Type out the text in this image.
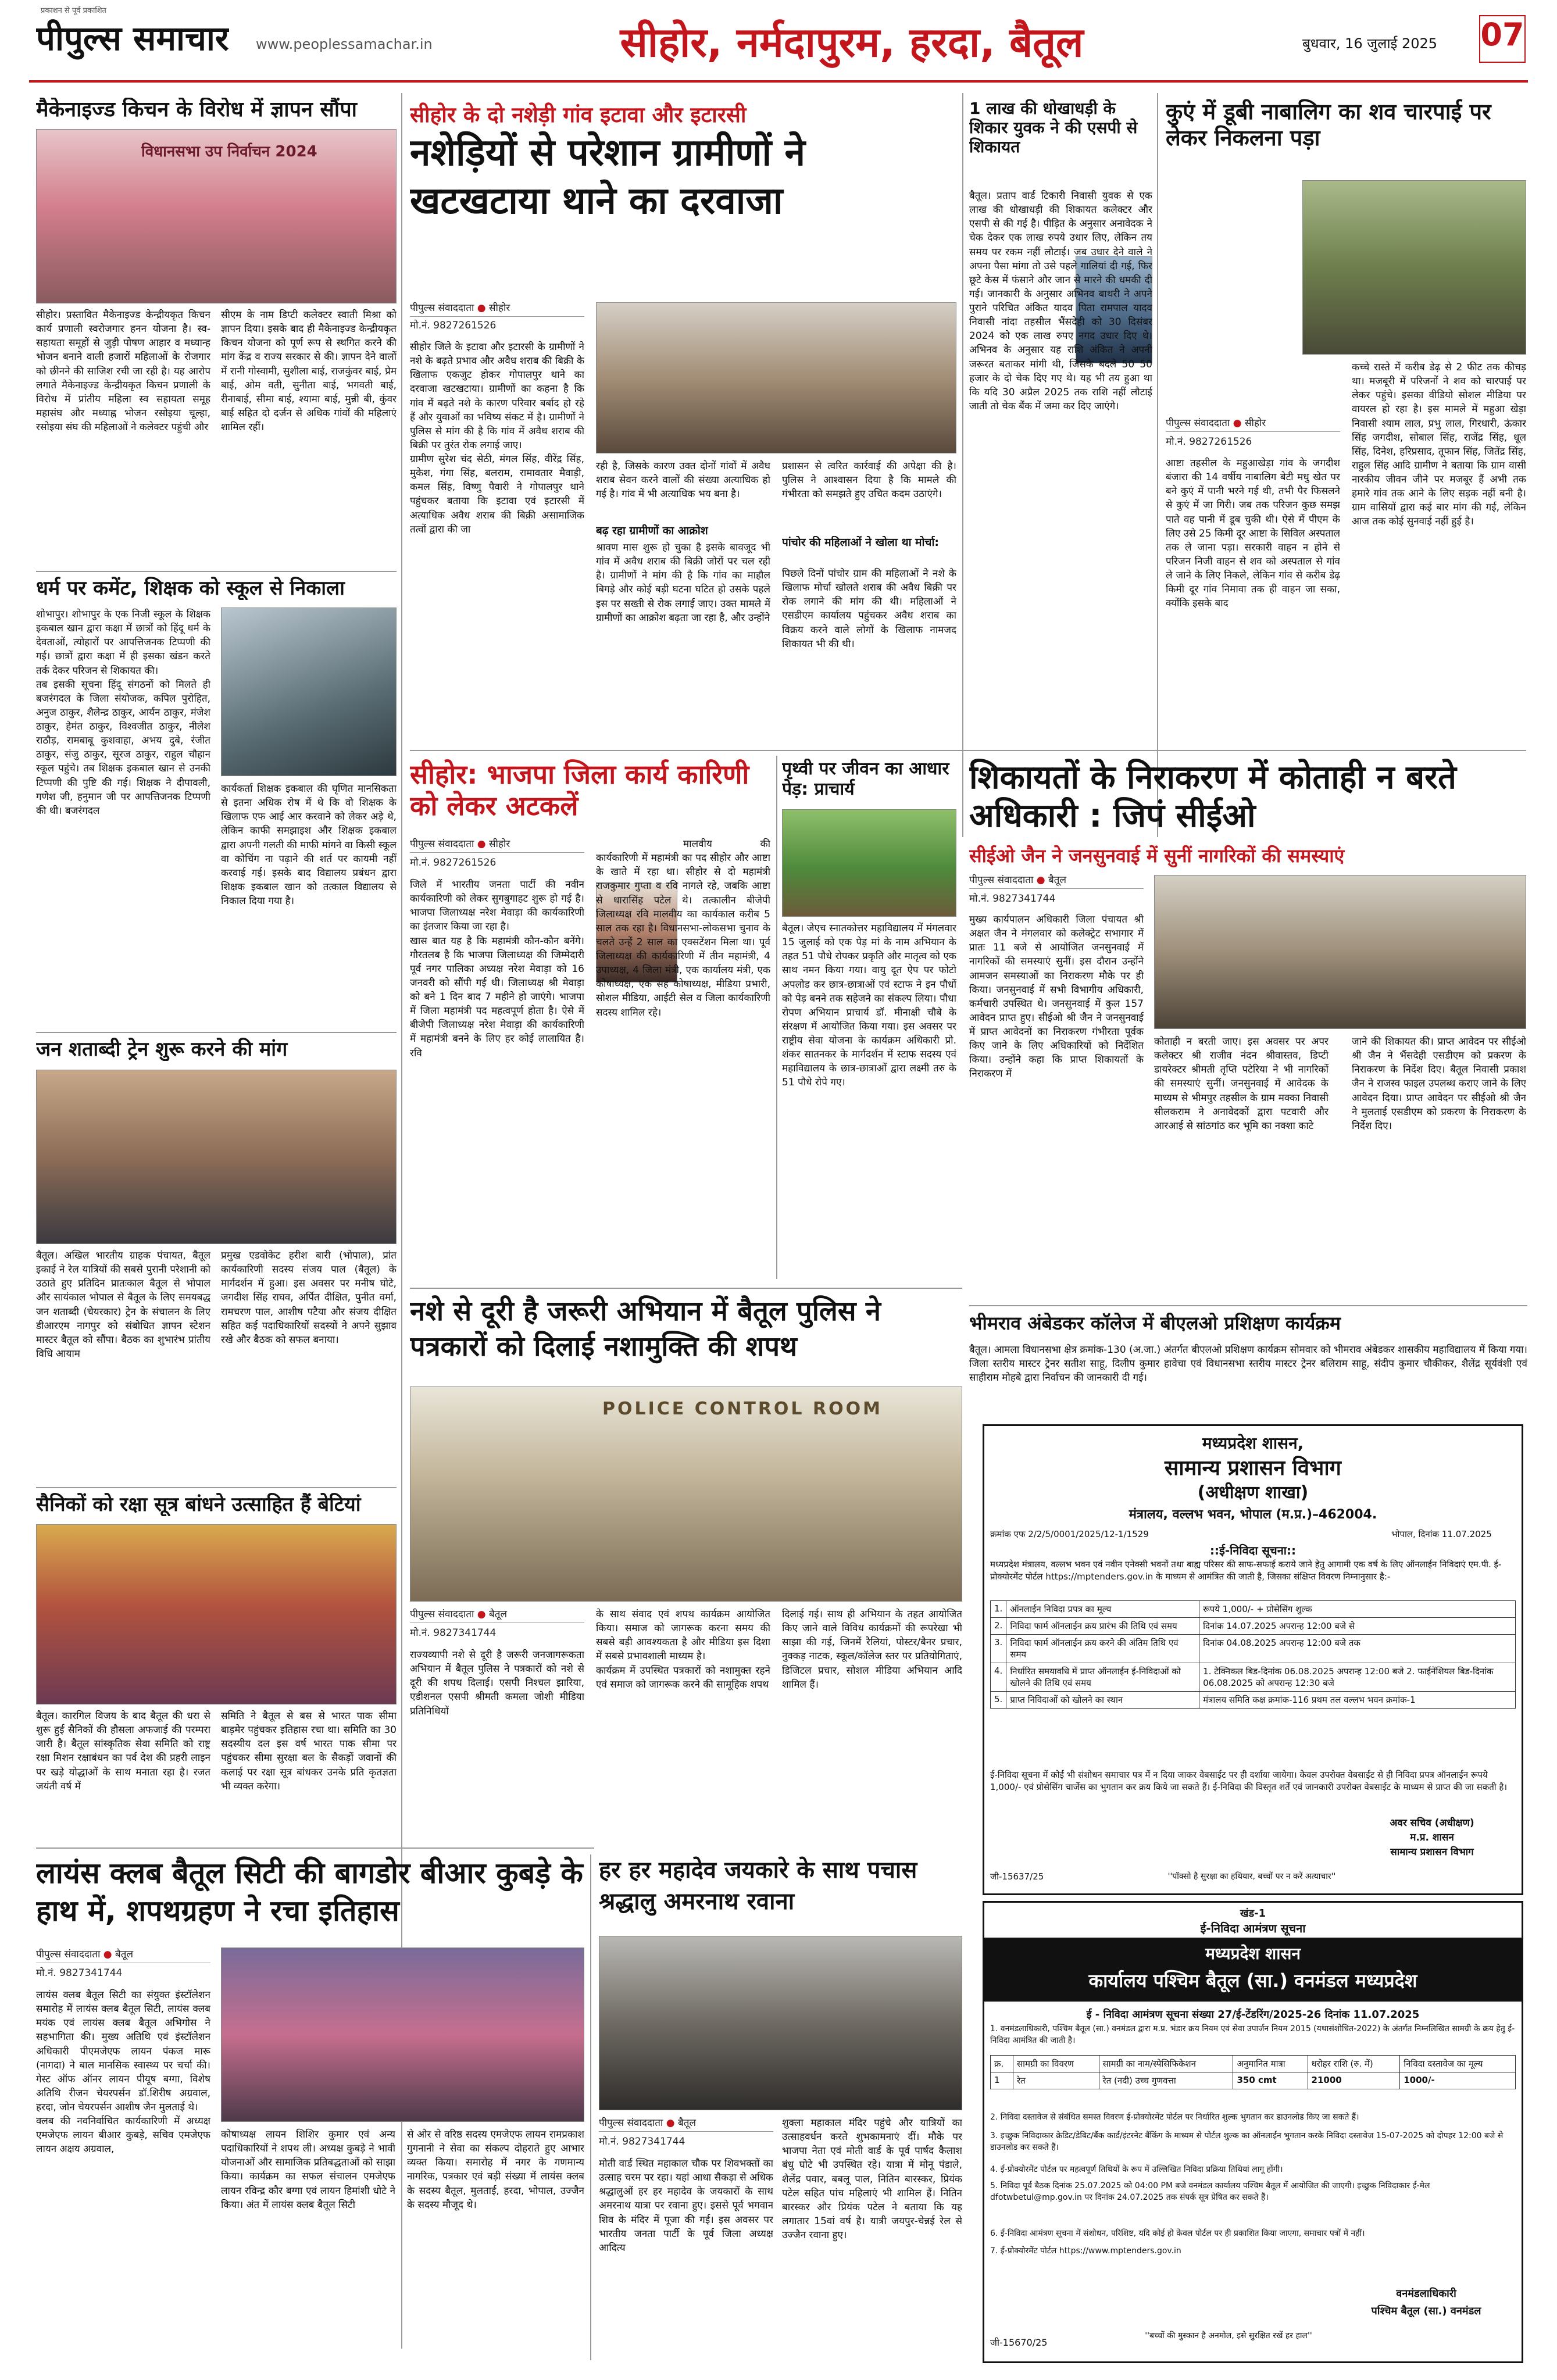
प्रकाशन से पूर्व प्रकाशित
पीपुल्स समाचार www.peoplessamachar.in	सीहोर, नर्मदापुरम, हरदा, बैतूल	बुधवार, 16 जुलाई 2025 07
मैकेनाइज्ड किचन के विरोध में ज्ञापन सौंपा
विधानसभा उप निर्वाचन 2024
सीहोर। प्रस्तावित मैकेनाइज्ड केन्द्रीयकृत किचन कार्य प्रणाली स्वरोजगार हनन योजना है। स्व-सहायता समूहों से जुड़ी पोषण आहार व मध्यान्ह भोजन बनाने वाली हजारों महिलाओं के रोजगार को छीनने की साजिश रची जा रही है। यह आरोप लगाते मैकेनाइज्ड केन्द्रीयकृत किचन प्रणाली के विरोध में प्रांतीय महिला स्व सहायता समूह महासंघ और मध्याह्न भोजन रसोइया चूल्हा, रसोइया संघ की महिलाओं ने कलेक्टर पहुंची और
सीएम के नाम डिप्टी कलेक्टर स्वाती मिश्रा को ज्ञापन दिया। इसके बाद ही मैकेनाइज्ड केन्द्रीयकृत किचन योजना को पूर्ण रूप से स्थगित करने की मांग केंद्र व राज्य सरकार से की। ज्ञापन देने वालों में रानी गोस्वामी, सुशीला बाई, राजकुंवर बाई, प्रेम बाई, ओम वती, सुनीता बाई, भगवती बाई, रीनाबाई, सीमा बाई, श्यामा बाई, मुन्नी बी, कुंवर बाई सहित दो दर्जन से अधिक गांवों की महिलाएं शामिल रहीं।
धर्म पर कमेंट, शिक्षक को स्कूल से निकाला
शोभापुर। शोभापुर के एक निजी स्कूल के शिक्षक इकबाल खान द्वारा कक्षा में छात्रों को हिंदू धर्म के देवताओं, त्योहारों पर आपत्तिजनक टिप्पणी की गई। छात्रों द्वारा कक्षा में ही इसका खंडन करते तर्क देकर परिजन से शिकायत की।
तब इसकी सूचना हिंदू संगठनों को मिलते ही बजरंगदल के जिला संयोजक, कपिल पुरोहित, अनुज ठाकुर, शैलेन्द्र ठाकुर, आर्यन ठाकुर, मंजेश ठाकुर, हेमंत ठाकुर, विश्वजीत ठाकुर, नीलेश राठौड़, रामबाबू कुशवाहा, अभय दुबे, रंजीत ठाकुर, संजु ठाकुर, सूरज ठाकुर, राहुल चौहान स्कूल पहुंचे। तब शिक्षक इकबाल खान से उनकी टिप्पणी की पुष्टि की गई। शिक्षक ने दीपावली, गणेश जी, हनुमान जी पर आपत्तिजनक टिप्पणी की थी। बजरंगदल
कार्यकर्ता शिक्षक इकबाल की घृणित मानसिकता से इतना अधिक रोष में थे कि वो शिक्षक के खिलाफ एफ आई आर करवाने को लेकर अड़े थे, लेकिन काफी समझाइश और शिक्षक इकबाल द्वारा अपनी गलती की माफी मांगने वा किसी स्कूल वा कोचिंग ना पढ़ाने की शर्त पर कायमी नहीं करवाई गई। इसके बाद विद्यालय प्रबंधन द्वारा शिक्षक इकबाल खान को तत्काल विद्यालय से निकाल दिया गया है।
जन शताब्दी ट्रेन शुरू करने की मांग
बैतूल। अखिल भारतीय ग्राहक पंचायत, बैतूल इकाई ने रेल यात्रियों की सबसे पुरानी परेशानी को उठाते हुए प्रतिदिन प्रातःकाल बैतूल से भोपाल और सायंकाल भोपाल से बैतूल के लिए समयबद्ध जन शताब्दी (चेयरकार) ट्रेन के संचालन के लिए डीआरएम नागपुर को संबोधित ज्ञापन स्टेशन मास्टर बैतूल को सौंपा। बैठक का शुभारंभ प्रांतीय विधि आयाम
प्रमुख एडवोकेट हरीश बारी (भोपाल), प्रांत कार्यकारिणी सदस्य संजय पाल (बैतूल) के मार्गदर्शन में हुआ। इस अवसर पर मनीष घोटे, जगदीश सिंह राघव, अर्पित दीक्षित, पुनीत वर्मा, रामचरण पाल, आशीष पटैया और संजय दीक्षित सहित कई पदाधिकारियों सदस्यों ने अपने सुझाव रखे और बैठक को सफल बनाया।
सैनिकों को रक्षा सूत्र बांधने उत्साहित हैं बेटियां
बैतूल। कारगिल विजय के बाद बैतूल की धरा से शुरू हुई सैनिकों की हौसला अफजाई की परम्परा जारी है। बैतूल सांस्कृतिक सेवा समिति को राष्ट्र रक्षा मिशन रक्षाबंधन का पर्व देश की प्रहरी लाइन पर खड़े योद्धाओं के साथ मनाता रहा है। रजत जयंती वर्ष में
समिति ने बैतूल से बस से भारत पाक सीमा बाड़मेर पहुंचकर इतिहास रचा था। समिति का 30 सदस्यीय दल इस वर्ष भारत पाक सीमा पर पहुंचकर सीमा सुरक्षा बल के सैकड़ों जवानों की कलाई पर रक्षा सूत्र बांधकर उनके प्रति कृतज्ञता भी व्यक्त करेगा।
सीहोर के दो नशेड़ी गांव इटावा और इटारसी
नशेड़ियों से परेशान ग्रामीणों ने खटखटाया थाने का दरवाजा
पीपुल्स संवाददाता ● सीहोर
मो.नं. 9827261526
सीहोर जिले के इटावा और इटारसी के ग्रामीणों ने नशे के बढ़ते प्रभाव और अवैध शराब की बिक्री के खिलाफ एकजुट होकर गोपालपुर थाने का दरवाजा खटखटाया। ग्रामीणों का कहना है कि गांव में बढ़ते नशे के कारण परिवार बर्बाद हो रहे हैं और युवाओं का भविष्य संकट में है। ग्रामीणों ने पुलिस से मांग की है कि गांव में अवैध शराब की बिक्री पर तुरंत रोक लगाई जाए।
ग्रामीण सुरेश चंद सेठी, मंगल सिंह, वीरेंद्र सिंह, मुकेश, गंगा सिंह, बलराम, रामावतार मैवाड़ी, कमल सिंह, विष्णु पैवारी ने गोपालपुर थाने पहुंचकर बताया कि इटावा एवं इटारसी में अत्याधिक अवैध शराब की बिक्री असामाजिक तत्वों द्वारा की जा
रही है, जिसके कारण उक्त दोनों गांवों में अवैध शराब सेवन करने वालों की संख्या अत्याधिक हो गई है। गांव में भी अत्याधिक भय बना है।
बढ़ रहा ग्रामीणों का आक्रोश
श्रावण मास शुरू हो चुका है इसके बावजूद भी गांव में अवैध शराब की बिक्री जोरों पर चल रही है। ग्रामीणों ने मांग की है कि गांव का माहौल बिगड़े और कोई बड़ी घटना घटित हो उसके पहले इस पर सख्ती से रोक लगाई जाए। उक्त मामले में ग्रामीणों का आक्रोश बढ़ता जा रहा है, और उन्होंने
प्रशासन से त्वरित कार्रवाई की अपेक्षा की है। पुलिस ने आश्वासन दिया है कि मामले की गंभीरता को समझते हुए उचित कदम उठाएंगे।
पांचोर की महिलाओं ने खोला था मोर्चा:
पिछले दिनों पांचोर ग्राम की महिलाओं ने नशे के खिलाफ मोर्चा खोलते शराब की अवैध बिक्री पर रोक लगाने की मांग की थी। महिलाओं ने एसडीएम कार्यालय पहुंचकर अवैध शराब का विक्रय करने वाले लोगों के खिलाफ नामजद शिकायत भी की थी।
1 लाख की धोखाधड़ी के शिकार युवक ने की एसपी से शिकायत
बैतूल। प्रताप वार्ड टिकारी निवासी युवक से एक लाख की धोखाधड़ी की शिकायत कलेक्टर और एसपी से की गई है। पीड़ित के अनुसार अनावेदक ने चेक देकर एक लाख रुपये उधार लिए, लेकिन तय समय पर रकम नहीं लौटाई। जब उधार देने वाले ने अपना पैसा मांगा तो उसे पहले गालियां दी गई, फिर छूटे केस में फंसाने और जान से मारने की धमकी दी गई। जानकारी के अनुसार अभिनव बाथरी ने अपने पुराने परिचित अंकित यादव पिता रामपाल यादव निवासी नांदा तहसील भैंसदेही को 30 दिसंबर 2024 को एक लाख रुपए नगद उधार दिए थे। अभिनव के अनुसार यह राशि अंकित ने अपनी जरूरत बताकर मांगी थी, जिसके बदले 50 50 हजार के दो चेक दिए गए थे। यह भी तय हुआ था कि यदि 30 अप्रैल 2025 तक राशि नहीं लौटाई जाती तो चेक बैंक में जमा कर दिए जाएंगे।
कुएं में डूबी नाबालिग का शव चारपाई पर लेकर निकलना पड़ा
पीपुल्स संवाददाता ● सीहोर
मो.नं. 9827261526
आष्टा तहसील के महुआखेड़ा गांव के जगदीश बंजारा की 14 वर्षीय नाबालिग बेटी मधु खेत पर बने कुएं में पानी भरने गई थी, तभी पैर फिसलने से कुएं में जा गिरी। जब तक परिजन कुछ समझ पाते वह पानी में डूब चुकी थी। ऐसे में पीएम के लिए उसे 25 किमी दूर आष्टा के सिविल अस्पताल तक ले जाना पड़ा। सरकारी वाहन न होने से परिजन निजी वाहन से शव को अस्पताल से गांव ले जाने के लिए निकले, लेकिन गांव से करीब डेढ़ किमी दूर गांव निमावा तक ही वाहन जा सका, क्योंकि इसके बाद
कच्चे रास्ते में करीब डेढ़ से 2 फीट तक कीचड़ था। मजबूरी में परिजनों ने शव को चारपाई पर लेकर पहुंचे। इसका वीडियो सोशल मीडिया पर वायरल हो रहा है। इस मामले में महुआ खेड़ा निवासी श्याम लाल, प्रभु लाल, गिरधारी, ऊंकार सिंह जगदीश, सोबाल सिंह, राजेंद्र सिंह, धूल सिंह, दिनेश, हरिप्रसाद, तूफान सिंह, जितेंद्र सिंह, राहुल सिंह आदि ग्रामीण ने बताया कि ग्राम वासी नारकीय जीवन जीने पर मजबूर हैं अभी तक हमारे गांव तक आने के लिए सड़क नहीं बनी है। ग्राम वासियों द्वारा कई बार मांग की गई, लेकिन आज तक कोई सुनवाई नहीं हुई है।
सीहोर: भाजपा जिला कार्य कारिणी को लेकर अटकलें
पीपुल्स संवाददाता ● सीहोर
मो.नं. 9827261526
जिले में भारतीय जनता पार्टी की नवीन कार्यकारिणी को लेकर सुगबुगाहट शुरू हो गई है। भाजपा जिलाध्यक्ष नरेश मेवाड़ा की कार्यकारिणी का इंतजार किया जा रहा है।
खास बात यह है कि महामंत्री कौन-कौन बनेंगे। गौरतलब है कि भाजपा जिलाध्यक्ष की जिम्मेदारी पूर्व नगर पालिका अध्यक्ष नरेश मेवाड़ा को 16 जनवरी को सौंपी गई थी। जिलाध्यक्ष श्री मेवाड़ा को बने 1 दिन बाद 7 महीने हो जाएंगे। भाजपा में जिला महामंत्री पद महत्वपूर्ण होता है। ऐसे में बीजेपी जिलाध्यक्ष नरेश मेवाड़ा की कार्यकारिणी में महामंत्री बनने के लिए हर कोई लालायित है। रवि
मालवीय की कार्यकारिणी में महामंत्री का पद सीहोर और आष्टा के खाते में रहा था। सीहोर से दो महामंत्री राजकुमार गुप्ता व रवि नागले रहे, जबकि आष्टा से धारासिंह पटेल थे। तत्कालीन बीजेपी जिलाध्यक्ष रवि मालवीय का कार्यकाल करीब 5 साल तक रहा है। विधानसभा-लोकसभा चुनाव के चलते उन्हें 2 साल का एक्सटेंशन मिला था। पूर्व जिलाध्यक्ष की कार्यकारिणी में तीन महामंत्री, 4 उपाध्यक्ष, 4 जिला मंत्री, एक कार्यालय मंत्री, एक कोषाध्यक्ष, एक सह कोषाध्यक्ष, मीडिया प्रभारी, सोशल मीडिया, आईटी सेल व जिला कार्यकारिणी सदस्य शामिल रहे।
पृथ्वी पर जीवन का आधार पेड़: प्राचार्य
बैतूल। जेएच स्नातकोत्तर महाविद्यालय में मंगलवार 15 जुलाई को एक पेड़ मां के नाम अभियान के तहत 51 पौधे रोपकर प्रकृति और मातृत्व को एक साथ नमन किया गया। वायु दूत ऐप पर फोटो अपलोड कर छात्र-छात्राओं एवं स्टाफ ने इन पौधों को पेड़ बनने तक सहेजने का संकल्प लिया। पौधा रोपण अभियान प्राचार्य डॉ. मीनाक्षी चौबे के संरक्षण में आयोजित किया गया। इस अवसर पर राष्ट्रीय सेवा योजना के कार्यक्रम अधिकारी प्रो. शंकर सातनकर के मार्गदर्शन में स्टाफ सदस्य एवं महाविद्यालय के छात्र-छात्राओं द्वारा लक्ष्मी तरु के 51 पौधे रोपे गए।
शिकायतों के निराकरण में कोताही न बरते अधिकारी : जिपं सीईओ
सीईओ जैन ने जनसुनवाई में सुनीं नागरिकों की समस्याएं
पीपुल्स संवाददाता ● बैतूल
मो.नं. 9827341744
मुख्य कार्यपालन अधिकारी जिला पंचायत श्री अक्षत जैन ने मंगलवार को कलेक्ट्रेट सभागार में प्रातः 11 बजे से आयोजित जनसुनवाई में नागरिकों की समस्याएं सुनीं। इस दौरान उन्होंने आमजन समस्याओं का निराकरण मौके पर ही किया। जनसुनवाई में सभी विभागीय अधिकारी, कर्मचारी उपस्थित थे। जनसुनवाई में कुल 157 आवेदन प्राप्त हुए। सीईओ श्री जैन ने जनसुनवाई में प्राप्त आवेदनों का निराकरण गंभीरता पूर्वक किए जाने के लिए अधिकारियों को निर्देशित किया। उन्होंने कहा कि प्राप्त शिकायतों के निराकरण में
कोताही न बरती जाए। इस अवसर पर अपर कलेक्टर श्री राजीव नंदन श्रीवास्तव, डिप्टी डायरेक्टर श्रीमती तृप्ति पटेरिया ने भी नागरिकों की समस्याएं सुनीं। जनसुनवाई में आवेदक के माध्यम से भीमपुर तहसील के ग्राम मक्का निवासी सीलकराम ने अनावेदकों द्वारा पटवारी और आरआई से सांठगांठ कर भूमि का नक्शा काटे
जाने की शिकायत की। प्राप्त आवेदन पर सीईओ श्री जैन ने भैंसदेही एसडीएम को प्रकरण के निराकरण के निर्देश दिए। बैतूल निवासी प्रकाश जैन ने राजस्व फाइल उपलब्ध कराए जाने के लिए आवेदन दिया। प्राप्त आवेदन पर सीईओ श्री जैन ने मुलताई एसडीएम को प्रकरण के निराकरण के निर्देश दिए।
भीमराव अंबेडकर कॉलेज में बीएलओ प्रशिक्षण कार्यक्रम
बैतूल। आमला विधानसभा क्षेत्र क्रमांक-130 (अ.जा.) अंतर्गत बीएलओ प्रशिक्षण कार्यक्रम सोमवार को भीमराव अंबेडकर शासकीय महाविद्यालय में किया गया। जिला स्तरीय मास्टर ट्रेनर सतीश साहू, दिलीप कुमार हावेचा एवं विधानसभा स्तरीय मास्टर ट्रेनर बलिराम साहू, संदीप कुमार चौकीकर, शैलेंद्र सूर्यवंशी एवं साहीराम मोहबे द्वारा निर्वाचन की जानकारी दी गई।
नशे से दूरी है जरूरी अभियान में बैतूल पुलिस ने पत्रकारों को दिलाई नशामुक्ति की शपथ
POLICE CONTROL ROOM
पीपुल्स संवाददाता ● बैतूल
मो.नं. 9827341744
राज्यव्यापी नशे से दूरी है जरूरी जनजागरूकता अभियान में बैतूल पुलिस ने पत्रकारों को नशे से दूरी की शपथ दिलाई। एसपी निश्चल झारिया, एडीशनल एसपी श्रीमती कमला जोशी मीडिया प्रतिनिधियों
के साथ संवाद एवं शपथ कार्यक्रम आयोजित किया। समाज को जागरूक करना समय की सबसे बड़ी आवश्यकता है और मीडिया इस दिशा में सबसे प्रभावशाली माध्यम है।
कार्यक्रम में उपस्थित पत्रकारों को नशामुक्त रहने एवं समाज को जागरूक करने की सामूहिक शपथ
दिलाई गई। साथ ही अभियान के तहत आयोजित किए जाने वाले विविध कार्यक्रमों की रूपरेखा भी साझा की गई, जिनमें रैलियां, पोस्टर/बैनर प्रचार, नुक्कड़ नाटक, स्कूल/कॉलेज स्तर पर प्रतियोगिताएं, डिजिटल प्रचार, सोशल मीडिया अभियान आदि शामिल हैं।
लायंस क्लब बैतूल सिटी की बागडोर बीआर कुबड़े के हाथ में, शपथग्रहण ने रचा इतिहास
पीपुल्स संवाददाता ● बैतूल
मो.नं. 9827341744
लायंस क्लब बैतूल सिटी का संयुक्त इंस्टॉलेशन समारोह में लायंस क्लब बैतूल सिटी, लायंस क्लब मयंक एवं लायंस क्लब बैतूल अभिगोस ने सहभागिता की। मुख्य अतिथि एवं इंस्टॉलेशन अधिकारी पीएमजेएफ लायन पंकज मारू (नागदा) ने बाल मानसिक स्वास्थ्य पर चर्चा की। गेस्ट ऑफ ऑनर लायन पीयूष बग्गा, विशेष अतिथि रीजन चेयरपर्सन डॉ.शिरीष अग्रवाल, हरदा, जोन चेयरपर्सन आशीष जैन मुलताई थे।
क्लब की नवनिर्वाचित कार्यकारिणी में अध्यक्ष एमजेएफ लायन बीआर कुबड़े, सचिव एमजेएफ लायन अक्षय अग्रवाल,
कोषाध्यक्ष लायन शिशिर कुमार एवं अन्य पदाधिकारियों ने शपथ ली। अध्यक्ष कुबड़े ने भावी योजनाओं और सामाजिक प्रतिबद्धताओं को साझा किया। कार्यक्रम का सफल संचालन एमजेएफ लायन रविन्द्र कौर बग्गा एवं लायन हिमांशी धोटे ने किया। अंत में लायंस क्लब बैतूल सिटी
से ओर से वरिष्ठ सदस्य एमजेएफ लायन रामप्रकाश गुगनानी ने सेवा का संकल्प दोहराते हुए आभार व्यक्त किया। समारोह में नगर के गणमान्य नागरिक, पत्रकार एवं बड़ी संख्या में लायंस क्लब के सदस्य बैतूल, मुलताई, हरदा, भोपाल, उज्जैन के सदस्य मौजूद थे।
हर हर महादेव जयकारे के साथ पचास श्रद्धालु अमरनाथ रवाना
पीपुल्स संवाददाता ● बैतूल
मो.नं. 9827341744
मोती वार्ड स्थित महाकाल चौक पर शिवभक्तों का उत्साह चरम पर रहा। यहां आधा सैकड़ा से अधिक श्रद्धालुओं हर हर महादेव के जयकारों के साथ अमरनाथ यात्रा पर रवाना हुए। इससे पूर्व भगवान शिव के मंदिर में पूजा की गई। इस अवसर पर भारतीय जनता पार्टी के पूर्व जिला अध्यक्ष आदित्य
शुक्ला महाकाल मंदिर पहुंचे और यात्रियों का उत्साहवर्धन करते शुभकामनाएं दीं। मौके पर भाजपा नेता एवं मोती वार्ड के पूर्व पार्षद कैलाश बंधु घोटे भी उपस्थित रहे। यात्रा में मोनू पंडाले, शैलेंद्र पवार, बबलू पाल, नितिन बारस्कर, प्रियंक पटेल सहित पांच महिलाएं भी शामिल हैं। नितिन बारस्कर और प्रियंक पटेल ने बताया कि यह लगातार 15वां वर्ष है। यात्री जयपुर-चेन्नई रेल से उज्जैन रवाना हुए।
मध्यप्रदेश शासन,
सामान्य प्रशासन विभाग
(अधीक्षण शाखा)
मंत्रालय, वल्लभ भवन, भोपाल (म.प्र.)–462004.
क्रमांक एफ 2/2/5/0001/2025/12-1/1529	भोपाल, दिनांक 11.07.2025
::ई-निविदा सूचना::
मध्यप्रदेश मंत्रालय, वल्लभ भवन एवं नवीन एनेक्सी भवनों तथा बाह्य परिसर की साफ-सफाई कराये जाने हेतु आगामी एक वर्ष के लिए ऑनलाईन निविदाएं एम.पी. ई-प्रोक्योरमेंट पोर्टल https://mptenders.gov.in के माध्यम से आमंत्रित की जाती है, जिसका संक्षिप्त विवरण निम्नानुसार है:-
1.	ऑनलाईन निविदा प्रपत्र का मूल्य	रूपये 1,000/- + प्रोसेसिंग शुल्क
2.	निविदा फार्म ऑनलाईन क्रय प्रारंभ की तिथि एवं समय	दिनांक 14.07.2025 अपरान्ह 12:00 बजे से
3.	निविदा फार्म ऑनलाईन क्रय करने की अंतिम तिथि एवं समय	दिनांक 04.08.2025 अपरान्ह 12:00 बजे तक
4.	निर्धारित समयावधि में प्राप्त ऑनलाईन ई-निविदाओं को खोलने की तिथि एवं समय	1. टेक्निकल बिड-दिनांक 06.08.2025 अपरान्ह 12:00 बजे 2. फाईनेंशियल बिड-दिनांक 06.08.2025 को अपरान्ह 12:30 बजे
5.	प्राप्त निविदाओं को खोलने का स्थान	मंत्रालय समिति कक्ष क्रमांक-116 प्रथम तल वल्लभ भवन क्रमांक-1
ई-निविदा सूचना में कोई भी संशोधन समाचार पत्र में न दिया जाकर वेबसाईट पर ही दर्शाया जायेगा। केवल उपरोक्त वेबसाईट से ही निविदा प्रपत्र ऑनलाईन रूपये 1,000/- एवं प्रोसेसिंग चार्जेस का भुगतान कर क्रय किये जा सकते हैं। ई-निविदा की विस्तृत शर्तें एवं जानकारी उपरोक्त वेबसाईट के माध्यम से प्राप्त की जा सकती है।
अवर सचिव (अधीक्षण)
म.प्र. शासन
सामान्य प्रशासन विभाग
जी-15637/25	''पॉक्सो है सुरक्षा का हथियार, बच्चों पर न करें अत्याचार''
खंड-1
ई-निविदा आमंत्रण सूचना
मध्यप्रदेश शासन
कार्यालय पश्चिम बैतूल (सा.) वनमंडल मध्यप्रदेश
ई - निविदा आमंत्रण सूचना संख्या 27/ई-टेंडरिंग/2025-26 दिनांक 11.07.2025
1. वनमंडलाधिकारी, पश्चिम बैतूल (सा.) वनमंडल द्वारा म.प्र. भंडार क्रय नियम एवं सेवा उपार्जन नियम 2015 (यथासंशोधित-2022) के अंतर्गत निम्नलिखित सामग्री के क्रय हेतु ई-निविदा आमंत्रित की जाती है।
क्र.	सामग्री का विवरण	सामग्री का नाम/स्पेसिफिकेशन	अनुमानित मात्रा	धरोहर राशि (रु. में)	निविदा दस्तावेज का मूल्य
1	रेत	रेत (नदी) उच्च गुणवत्ता	350 cmt	21000	1000/-
2. निविदा दस्तावेज से संबंधित समस्त विवरण ई-प्रोक्योरमेंट पोर्टल पर निर्धारित शुल्क भुगतान कर डाउनलोड किए जा सकते हैं।
3. इच्छुक निविदाकार क्रेडिट/डेबिट/बैंक कार्ड/इंटरनेट बैंकिंग के माध्यम से पोर्टल शुल्क का ऑनलाईन भुगतान करके निविदा दस्तावेज 15-07-2025 को दोपहर 12:00 बजे से डाउनलोड कर सकते हैं।
4. ई-प्रोक्योरमेंट पोर्टल पर महत्वपूर्ण तिथियों के रूप में उल्लिखित निविदा प्रक्रिया तिथियां लागू होंगी।
5. निविदा पूर्व बैठक दिनांक 25.07.2025 को 04:00 PM बजे वनमंडल कार्यालय पश्चिम बैतूल में आयोजित की जाएगी। इच्छुक निविदाकार ई-मेल dfotwbetul@mp.gov.in पर दिनांक 24.07.2025 तक संपर्क सूत्र प्रेषित कर सकते हैं।
6. ई-निविदा आमंत्रण सूचना में संशोधन, परिशिष्ट, यदि कोई हो केवल पोर्टल पर ही प्रकाशित किया जाएगा, समाचार पत्रों में नहीं।
7. ई-प्रोक्योरमेंट पोर्टल https://www.mptenders.gov.in
वनमंडलाधिकारी
पश्चिम बैतूल (सा.) वनमंडल
जी-15670/25
''बच्चों की मुस्कान है अनमोल, इसे सुरक्षित रखें हर हाल''
